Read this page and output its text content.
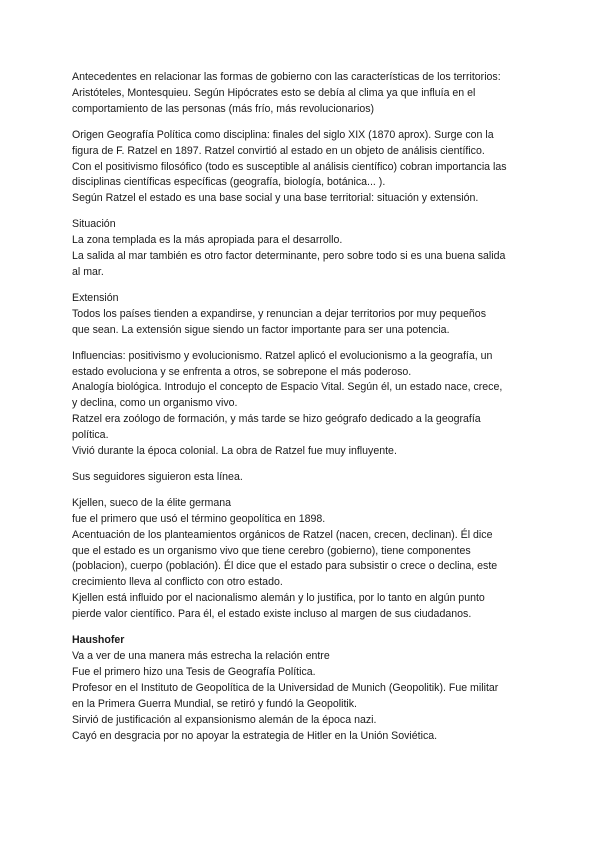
Antecedentes en relacionar las formas de gobierno con las características de los territorios:
Aristóteles, Montesquieu. Según Hipócrates esto se debía al clima ya que influía en el
comportamiento de las personas (más frío, más revolucionarios)
Origen Geografía Política como disciplina: finales del siglo XIX (1870 aprox). Surge con la
figura de F. Ratzel en 1897. Ratzel convirtió al estado en un objeto de análisis científico.
Con el positivismo filosófico (todo es susceptible al análisis científico) cobran importancia las
disciplinas científicas específicas (geografía, biología, botánica... ).
Según Ratzel el estado es una base social y una base territorial: situación y extensión.
Situación
La zona templada es la más apropiada para el desarrollo.
La salida al mar también es otro factor determinante, pero sobre todo si es una buena salida
al mar.
Extensión
Todos los países tienden a expandirse, y renuncian a dejar territorios por muy pequeños
que sean. La extensión sigue siendo un factor importante para ser una potencia.
Influencias: positivismo y evolucionismo. Ratzel aplicó el evolucionismo a la geografía, un
estado evoluciona y se enfrenta a otros, se sobrepone el más poderoso.
Analogía biológica. Introdujo el concepto de Espacio Vital. Según él, un estado nace, crece,
y declina, como un organismo vivo.
Ratzel era zoólogo de formación, y más tarde se hizo geógrafo dedicado a la geografía
política.
Vivió durante la época colonial. La obra de Ratzel fue muy influyente.
Sus seguidores siguieron esta línea.
Kjellen, sueco de la élite germana
fue el primero que usó el término geopolítica en 1898.
Acentuación de los planteamientos orgánicos de Ratzel (nacen, crecen, declinan). Él dice
que el estado es un organismo vivo que tiene cerebro (gobierno), tiene componentes
(poblacion), cuerpo (población). Él dice que el estado para subsistir o crece o declina, este
crecimiento lleva al conflicto con otro estado.
Kjellen está influido por el nacionalismo alemán y lo justifica, por lo tanto en algún punto
pierde valor científico. Para él, el estado existe incluso al margen de sus ciudadanos.
Haushofer
Va a ver de una manera más estrecha la relación entre
Fue el primero hizo una Tesis de Geografía Política.
Profesor en el Instituto de Geopolítica de la Universidad de Munich (Geopolitik). Fue militar
en la Primera Guerra Mundial, se retiró y fundó la Geopolitik.
Sirvió de justificación al expansionismo alemán de la época nazi.
Cayó en desgracia por no apoyar la estrategia de Hitler en la Unión Soviética.
